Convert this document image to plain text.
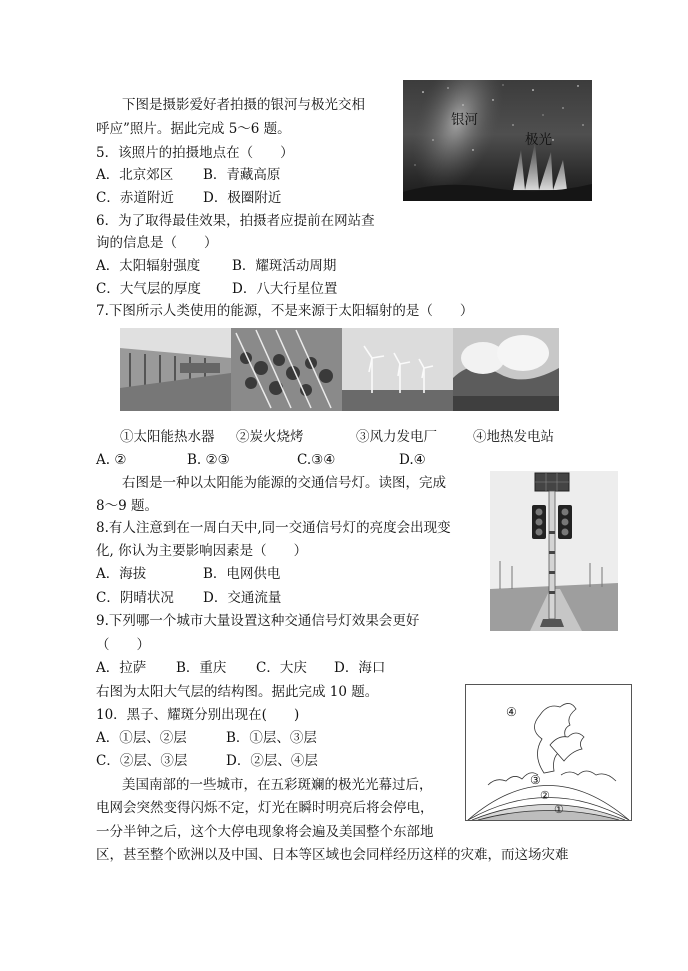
下图是摄影爱好者拍摄的银河与极光交相
呼应”照片。据此完成 5～6 题。
银河
极光
5．该照片的拍摄地点在（　　）
A．北京郊区 B．青藏高原
C．赤道附近 D．极圈附近
6．为了取得最佳效果，拍摄者应提前在网站查
询的信息是（　　）
A．太阳辐射强度 B．耀斑活动周期
C．大气层的厚度 D．八大行星位置
7.下图所示人类使用的能源，不是来源于太阳辐射的是（　　）
①太阳能热水器 ②炭火烧烤	③风力发电厂	④地热发电站
A. ②	B. ②③	C.③④	D.④
右图是一种以太阳能为能源的交通信号灯。读图，完成
8～9 题。
8.有人注意到在一周白天中,同一交通信号灯的亮度会出现变
化, 你认为主要影响因素是（　　）
A．海拔	B．电网供电
C．阴晴状况 D．交通流量
9.下列哪一个城市大量设置这种交通信号灯效果会更好
（　　）
A．拉萨 B．重庆 C．大庆 D．海口
右图为太阳大气层的结构图。据此完成 10 题。
10．黑子、耀斑分别出现在(　　)
A．①层、②层	B．①层、③层
C．②层、③层	D．②层、④层
④
③
②
①
美国南部的一些城市，在五彩斑斓的极光光幕过后，
电网会突然变得闪烁不定，灯光在瞬时明亮后将会停电，
一分半钟之后，这个大停电现象将会遍及美国整个东部地
区，甚至整个欧洲以及中国、日本等区域也会同样经历这样的灾难，而这场灾难
